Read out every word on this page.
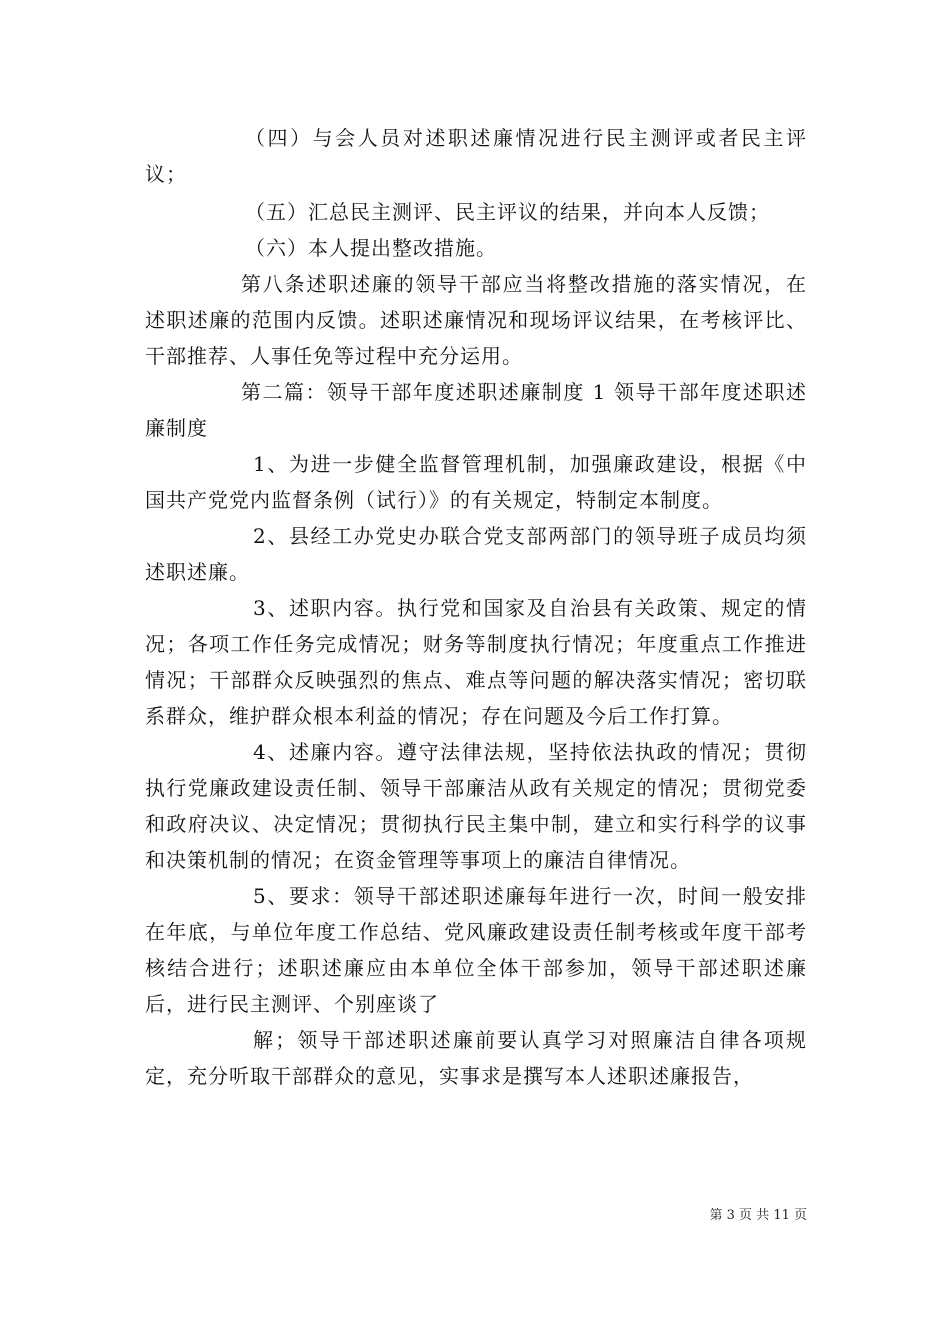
（四）与会人员对述职述廉情况进行民主测评或者民主评议；

（五）汇总民主测评、民主评议的结果，并向本人反馈；

（六）本人提出整改措施。

第八条述职述廉的领导干部应当将整改措施的落实情况，在述职述廉的范围内反馈。述职述廉情况和现场评议结果，在考核评比、干部推荐、人事任免等过程中充分运用。

第二篇：领导干部年度述职述廉制度 1 领导干部年度述职述廉制度

1、为进一步健全监督管理机制，加强廉政建设，根据《中国共产党党内监督条例（试行）》的有关规定，特制定本制度。

2、县经工办党史办联合党支部两部门的领导班子成员均须述职述廉。

3、述职内容。执行党和国家及自治县有关政策、规定的情况；各项工作任务完成情况；财务等制度执行情况；年度重点工作推进情况；干部群众反映强烈的焦点、难点等问题的解决落实情况；密切联系群众，维护群众根本利益的情况；存在问题及今后工作打算。

4、述廉内容。遵守法律法规，坚持依法执政的情况；贯彻执行党廉政建设责任制、领导干部廉洁从政有关规定的情况；贯彻党委和政府决议、决定情况；贯彻执行民主集中制，建立和实行科学的议事和决策机制的情况；在资金管理等事项上的廉洁自律情况。

5、要求：领导干部述职述廉每年进行一次，时间一般安排在年底，与单位年度工作总结、党风廉政建设责任制考核或年度干部考核结合进行；述职述廉应由本单位全体干部参加，领导干部述职述廉后，进行民主测评、个别座谈了

解；领导干部述职述廉前要认真学习对照廉洁自律各项规定，充分听取干部群众的意见，实事求是撰写本人述职述廉报告，

第 3 页 共 11 页
